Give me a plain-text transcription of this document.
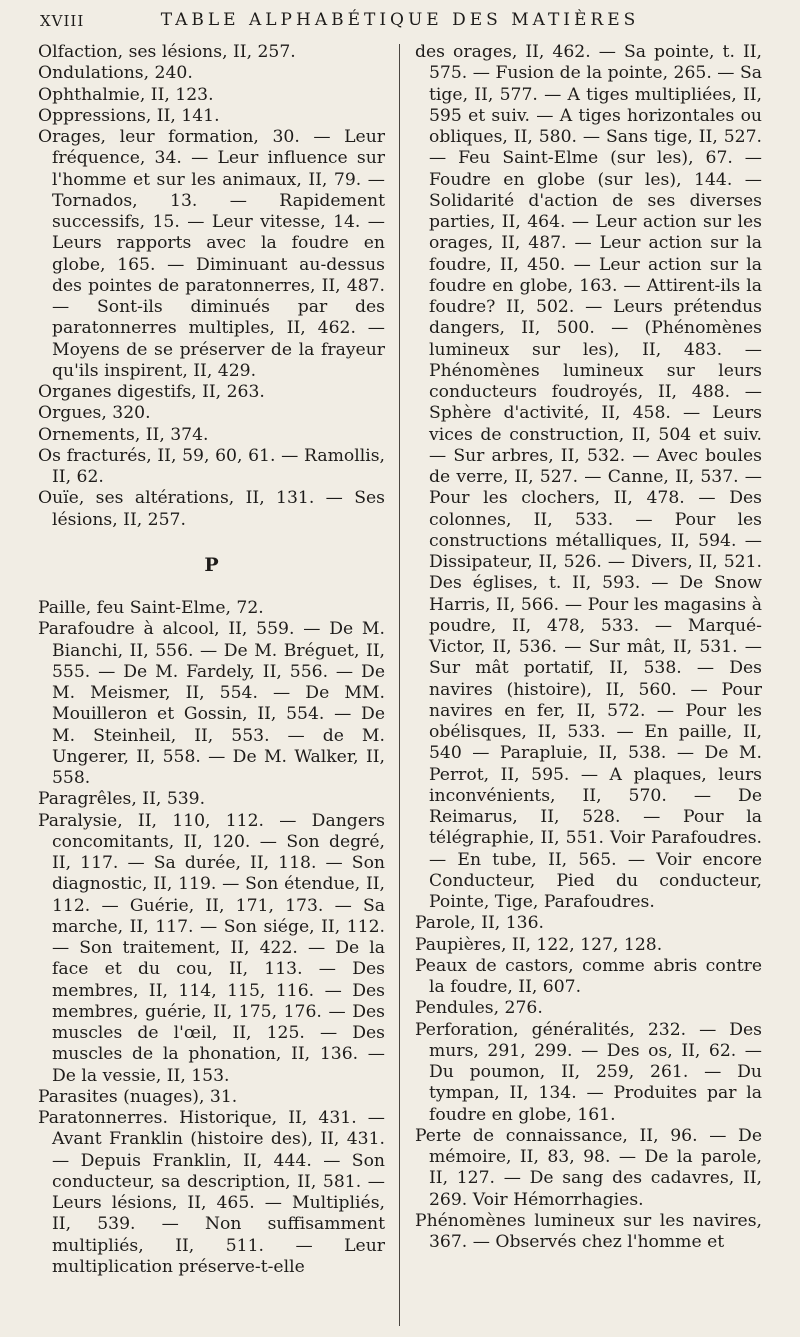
XVIII	TABLE ALPHABÉTIQUE DES MATIÈRES

Olfaction, ses lésions, II, 257.

Ondulations, 240.

Ophthalmie, II, 123.

Oppressions, II, 141.

Orages, leur formation, 30. — Leur fréquence, 34. — Leur influence sur l'homme et sur les animaux, II, 79. — Tornados, 13. — Rapidement successifs, 15. — Leur vitesse, 14. — Leurs rapports avec la foudre en globe, 165. — Diminuant au-dessus des pointes de paratonnerres, II, 487. — Sont-ils diminués par des paratonnerres multiples, II, 462. — Moyens de se préserver de la frayeur qu'ils inspirent, II, 429.

Organes digestifs, II, 263.

Orgues, 320.

Ornements, II, 374.

Os fracturés, II, 59, 60, 61. — Ramollis, II, 62.

Ouïe, ses altérations, II, 131. — Ses lésions, II, 257.

P

Paille, feu Saint-Elme, 72.

Parafoudre à alcool, II, 559. — De M. Bianchi, II, 556. — De M. Bréguet, II, 555. — De M. Fardely, II, 556. — De M. Meismer, II, 554. — De MM. Mouilleron et Gossin, II, 554. — De M. Steinheil, II, 553. — de M. Ungerer, II, 558. — De M. Walker, II, 558.

Paragrêles, II, 539.

Paralysie, II, 110, 112. — Dangers concomitants, II, 120. — Son degré, II, 117. — Sa durée, II, 118. — Son diagnostic, II, 119. — Son étendue, II, 112. — Guérie, II, 171, 173. — Sa marche, II, 117. — Son siége, II, 112. — Son traitement, II, 422. — De la face et du cou, II, 113. — Des membres, II, 114, 115, 116. — Des membres, guérie, II, 175, 176. — Des muscles de l'œil, II, 125. — Des muscles de la phonation, II, 136. — De la vessie, II, 153.

Parasites (nuages), 31.

Paratonnerres. Historique, II, 431. — Avant Franklin (histoire des), II, 431. — Depuis Franklin, II, 444. — Son conducteur, sa description, II, 581. — Leurs lésions, II, 465. — Multipliés, II, 539. — Non suffisamment multipliés, II, 511. — Leur multiplication préserve-t-elle

des orages, II, 462. — Sa pointe, t. II, 575. — Fusion de la pointe, 265. — Sa tige, II, 577. — A tiges multipliées, II, 595 et suiv. — A tiges horizontales ou obliques, II, 580. — Sans tige, II, 527. — Feu Saint-Elme (sur les), 67. — Foudre en globe (sur les), 144. — Solidarité d'action de ses diverses parties, II, 464. — Leur action sur les orages, II, 487. — Leur action sur la foudre, II, 450. — Leur action sur la foudre en globe, 163. — Attirent-ils la foudre? II, 502. — Leurs prétendus dangers, II, 500. — (Phénomènes lumineux sur les), II, 483. — Phénomènes lumineux sur leurs conducteurs foudroyés, II, 488. — Sphère d'activité, II, 458. — Leurs vices de construction, II, 504 et suiv. — Sur arbres, II, 532. — Avec boules de verre, II, 527. — Canne, II, 537. — Pour les clochers, II, 478. — Des colonnes, II, 533. — Pour les constructions métalliques, II, 594. — Dissipateur, II, 526. — Divers, II, 521. Des églises, t. II, 593. — De Snow Harris, II, 566. — Pour les magasins à poudre, II, 478, 533. — Marqué-Victor, II, 536. — Sur mât, II, 531. — Sur mât portatif, II, 538. — Des navires (histoire), II, 560. — Pour navires en fer, II, 572. — Pour les obélisques, II, 533. — En paille, II, 540 — Parapluie, II, 538. — De M. Perrot, II, 595. — A plaques, leurs inconvénients, II, 570. — De Reimarus, II, 528. — Pour la télégraphie, II, 551. Voir Parafoudres. — En tube, II, 565. — Voir encore Conducteur, Pied du conducteur, Pointe, Tige, Parafoudres.

Parole, II, 136.

Paupières, II, 122, 127, 128.

Peaux de castors, comme abris contre la foudre, II, 607.

Pendules, 276.

Perforation, généralités, 232. — Des murs, 291, 299. — Des os, II, 62. — Du poumon, II, 259, 261. — Du tympan, II, 134. — Produites par la foudre en globe, 161.

Perte de connaissance, II, 96. — De mémoire, II, 83, 98. — De la parole, II, 127. — De sang des cadavres, II, 269. Voir Hémorrhagies.

Phénomènes lumineux sur les navires, 367. — Observés chez l'homme et
